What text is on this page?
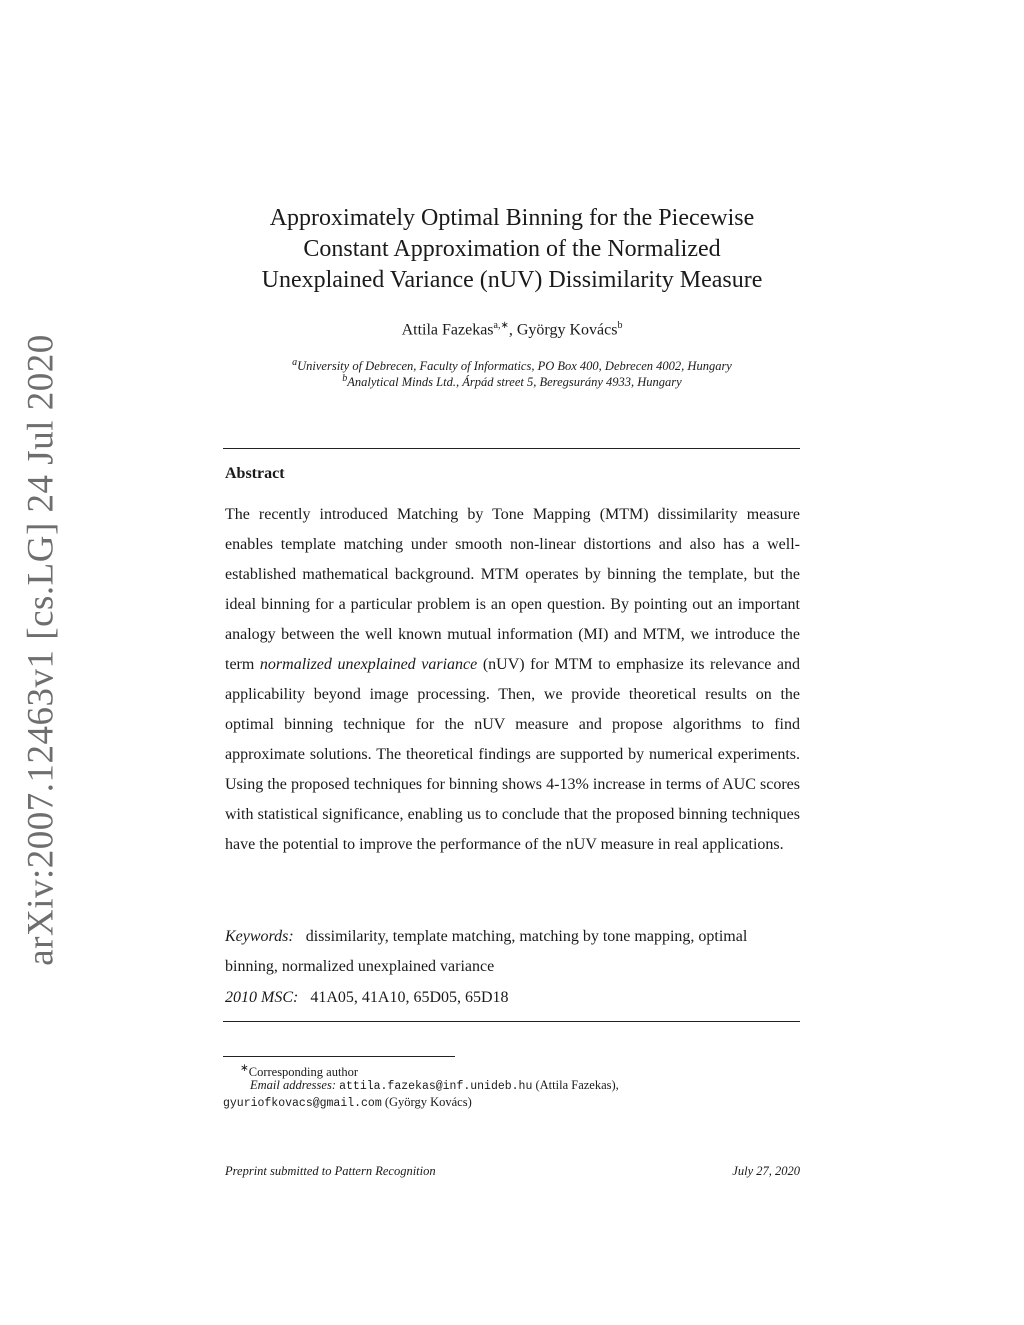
arXiv:2007.12463v1 [cs.LG] 24 Jul 2020
Approximately Optimal Binning for the Piecewise
Constant Approximation of the Normalized
Unexplained Variance (nUV) Dissimilarity Measure
Attila Fazekas$^{a,∗}$, György Kovács$^b$
$^a$University of Debrecen, Faculty of Informatics, PO Box 400, Debrecen 4002, Hungary
$^b$Analytical Minds Ltd., Árpád street 5, Beregsurány 4933, Hungary
Abstract
The recently introduced Matching by Tone Mapping (MTM) dissimilarity measure enables template matching under smooth non-linear distortions and also has a well-established mathematical background. MTM operates by binning the template, but the ideal binning for a particular problem is an open question. By pointing out an important analogy between the well known mutual information (MI) and MTM, we introduce the term normalized unexplained variance (nUV) for MTM to emphasize its relevance and applicability beyond image processing. Then, we provide theoretical results on the optimal binning technique for the nUV measure and propose algorithms to find approximate solutions. The theoretical findings are supported by numerical experiments. Using the proposed techniques for binning shows 4-13% increase in terms of AUC scores with statistical significance, enabling us to conclude that the proposed binning techniques have the potential to improve the performance of the nUV measure in real applications.
Keywords: dissimilarity, template matching, matching by tone mapping, optimal binning, normalized unexplained variance
2010 MSC: 41A05, 41A10, 65D05, 65D18
∗Corresponding author
Email addresses: attila.fazekas@inf.unideb.hu (Attila Fazekas),
gyuriofkovacs@gmail.com (György Kovács)
Preprint submitted to Pattern Recognition	July 27, 2020
